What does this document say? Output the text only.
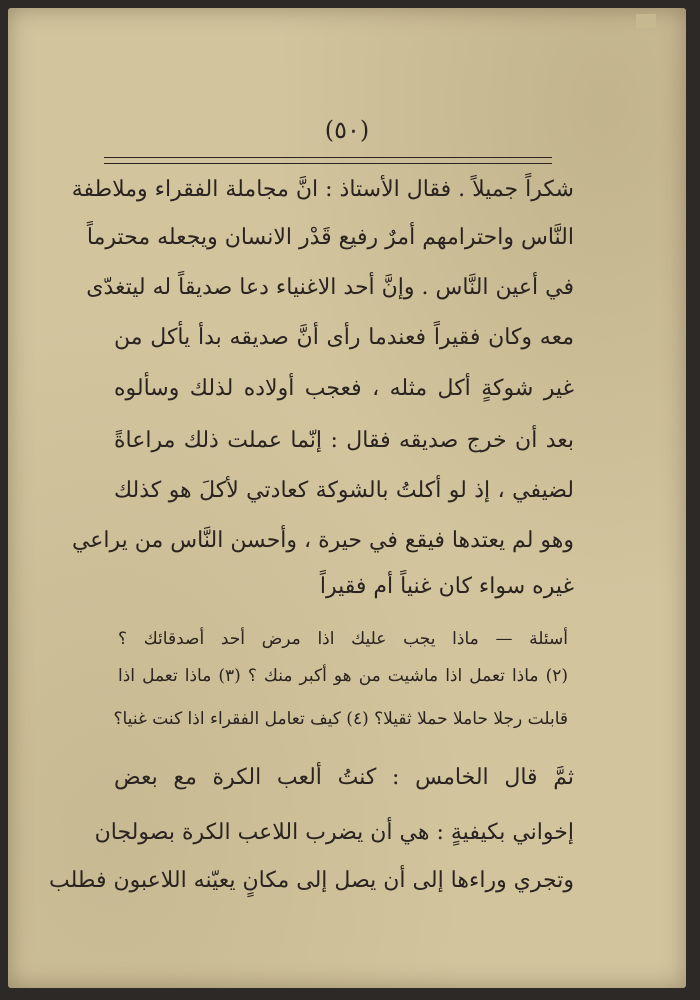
(٥٠)
شكراً جميلاً . فقال الأستاذ : انَّ مجاملة الفقراء وملاطفة
النَّاس واحترامهم أمرٌ رفيع قَدْر الانسان ويجعله محترماً
في أعين النَّاس . وإنَّ أحد الاغنياء دعا صديقاً له ليتغدّى
معه وكان فقيراً فعندما رأى أنَّ صديقه بدأ يأكل من
غير شوكةٍ أكل مثله ، فعجب أولاده لذلك وسألوه
بعد أن خرج صديقه فقال : إنّما عملت ذلك مراعاةً
لضيفي ، إذ لو أكلتُ بالشوكة كعادتي لأكلَ هو كذلك
وهو لم يعتدها فيقع في حيرة ، وأحسن النَّاس من يراعي
غيره سواء كان غنياً أم فقيراً
أسئلة — ماذا يجب عليك اذا مرض أحد أصدقائك ؟
(٢) ماذا تعمل اذا ماشيت من هو أكبر منك ؟ (٣) ماذا تعمل اذا
قابلت رجلا حاملا حملا ثقيلا؟ (٤) كيف تعامل الفقراء اذا كنت غنيا؟
ثمَّ قال الخامس : كنتُ ألعب الكرة مع بعض
إخواني بكيفيةٍ : هي أن يضرب اللاعب الكرة بصولجان
وتجري وراءها إلى أن يصل إلى مكانٍ يعيّنه اللاعبون فطلب
